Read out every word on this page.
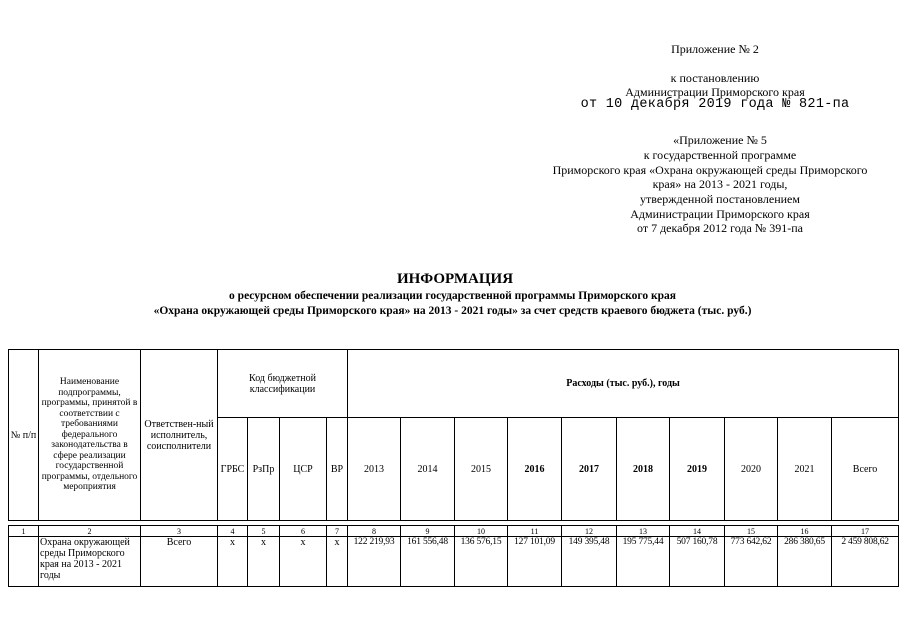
Приложение № 2
к постановлению
Администрации Приморского края
от 10 декабря 2019 года № 821-па
«Приложение № 5
к государственной программе
Приморского края «Охрана окружающей среды Приморского
края» на 2013 - 2021 годы,
утвержденной постановлением
Администрации Приморского края
от 7 декабря 2012 года № 391-па
ИНФОРМАЦИЯ
о ресурсном обеспечении реализации государственной программы Приморского края
«Охрана окружающей среды Приморского края» на 2013 - 2021 годы» за счет средств краевого бюджета (тыс. руб.)
№ п/п	Наименование подпрограммы, программы, принятой в соответствии с требованиями федерального законодательства в сфере реализации государственной программы, отдельного мероприятия	Ответствен-ный исполнитель, соисполнители	Код бюджетной классификации				Расходы (тыс. руб.), годы									
			ГРБС	РзПр	ЦСР	ВР	2013	2014	2015	2016	2017	2018	2019	2020	2021	Всего

1	2	3	4	5	6	7	8	9	10	11	12	13	14	15	16	17
	Охрана окружающей среды Приморского края на 2013 - 2021 годы	Всего	x	x	x	x	122 219,93	161 556,48	136 576,15	127 101,09	149 395,48	195 775,44	507 160,78	773 642,62	286 380,65	2 459 808,62
